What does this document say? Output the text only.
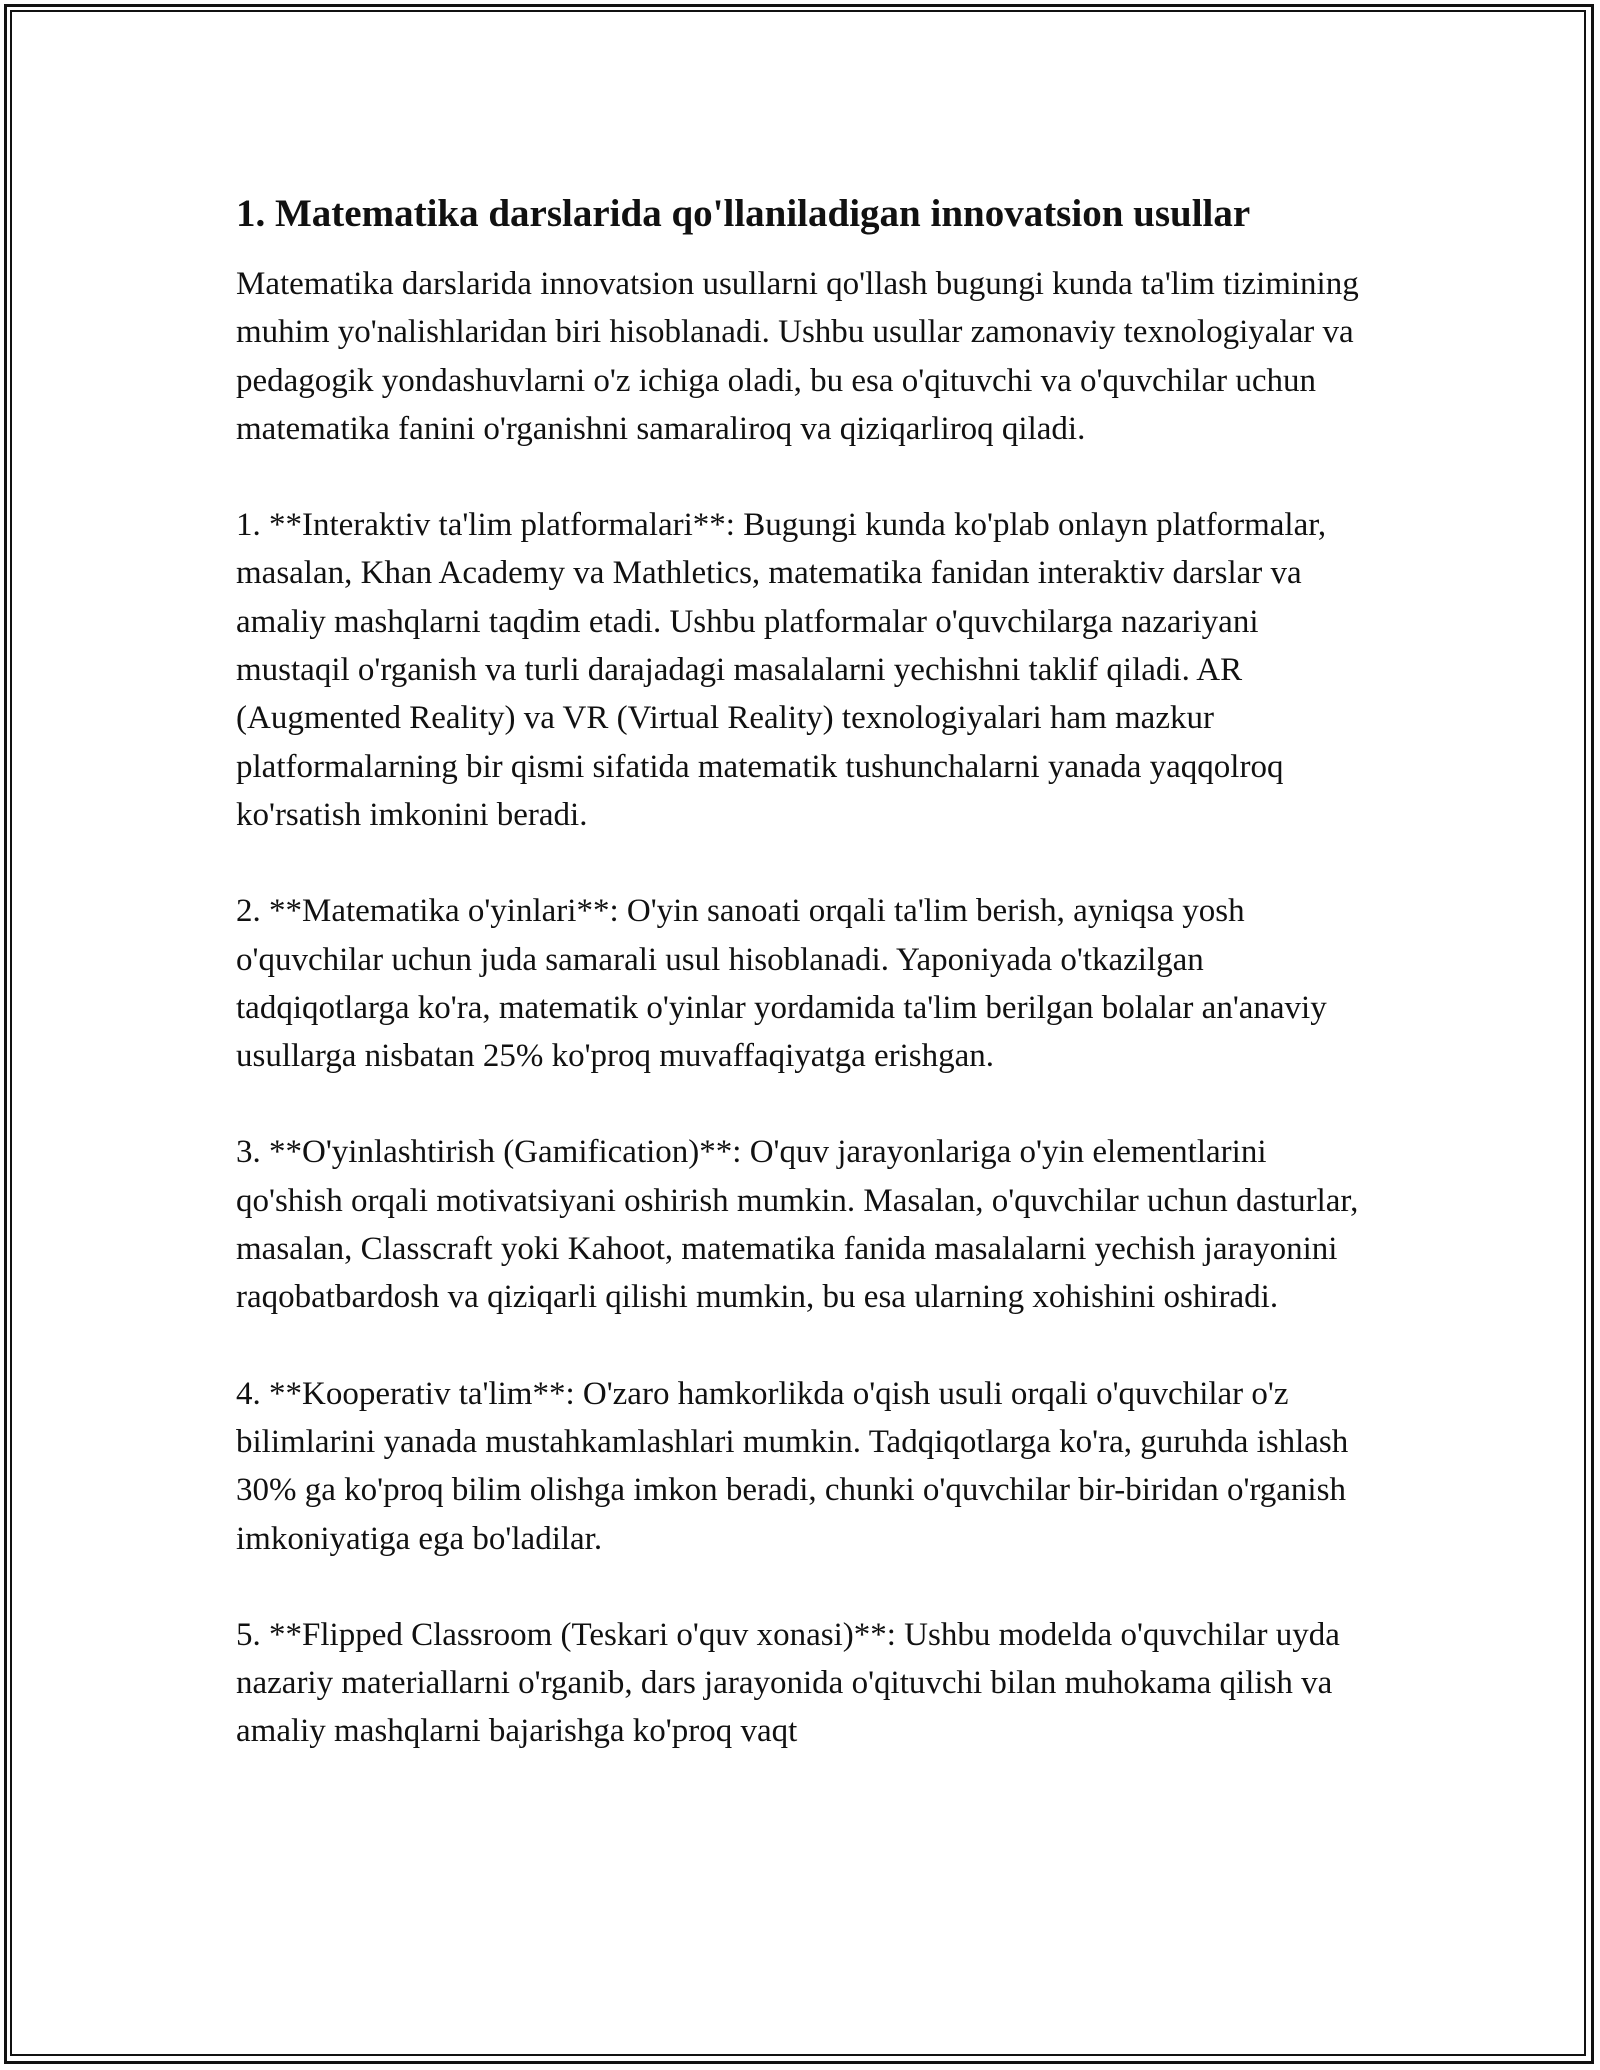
1. Matematika darslarida qo'llaniladigan innovatsion usullar

Matematika darslarida innovatsion usullarni qo'llash bugungi kunda ta'lim tizimining muhim yo'nalishlaridan biri hisoblanadi. Ushbu usullar zamonaviy texnologiyalar va pedagogik yondashuvlarni o'z ichiga oladi, bu esa o'qituvchi va o'quvchilar uchun matematika fanini o'rganishni samaraliroq va qiziqarliroq qiladi.

1. **Interaktiv ta'lim platformalari**: Bugungi kunda ko'plab onlayn platformalar, masalan, Khan Academy va Mathletics, matematika fanidan interaktiv darslar va amaliy mashqlarni taqdim etadi. Ushbu platformalar o'quvchilarga nazariyani mustaqil o'rganish va turli darajadagi masalalarni yechishni taklif qiladi. AR (Augmented Reality) va VR (Virtual Reality) texnologiyalari ham mazkur platformalarning bir qismi sifatida matematik tushunchalarni yanada yaqqolroq ko'rsatish imkonini beradi.

2. **Matematika o'yinlari**: O'yin sanoati orqali ta'lim berish, ayniqsa yosh o'quvchilar uchun juda samarali usul hisoblanadi. Yaponiyada o'tkazilgan tadqiqotlarga ko'ra, matematik o'yinlar yordamida ta'lim berilgan bolalar an'anaviy usullarga nisbatan 25% ko'proq muvaffaqiyatga erishgan.

3. **O'yinlashtirish (Gamification)**: O'quv jarayonlariga o'yin elementlarini qo'shish orqali motivatsiyani oshirish mumkin. Masalan, o'quvchilar uchun dasturlar, masalan, Classcraft yoki Kahoot, matematika fanida masalalarni yechish jarayonini raqobatbardosh va qiziqarli qilishi mumkin, bu esa ularning xohishini oshiradi.

4. **Kooperativ ta'lim**: O'zaro hamkorlikda o'qish usuli orqali o'quvchilar o'z bilimlarini yanada mustahkamlashlari mumkin. Tadqiqotlarga ko'ra, guruhda ishlash 30% ga ko'proq bilim olishga imkon beradi, chunki o'quvchilar bir-biridan o'rganish imkoniyatiga ega bo'ladilar.

5. **Flipped Classroom (Teskari o'quv xonasi)**: Ushbu modelda o'quvchilar uyda nazariy materiallarni o'rganib, dars jarayonida o'qituvchi bilan muhokama qilish va amaliy mashqlarni bajarishga ko'proq vaqt
